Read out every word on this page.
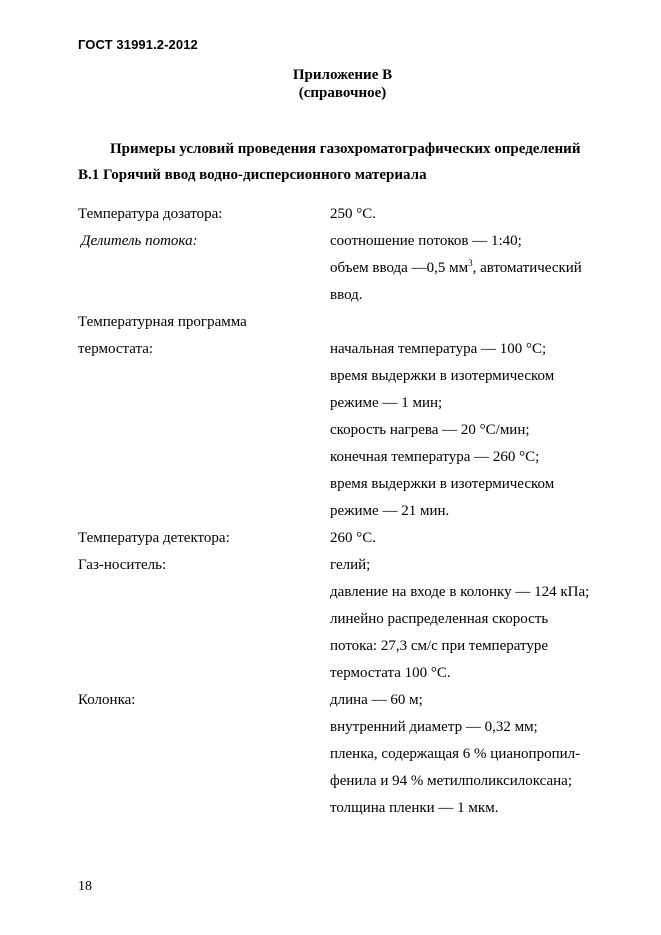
ГОСТ 31991.2-2012
Приложение В
(справочное)
Примеры условий проведения газохроматографических определений
В.1 Горячий ввод водно-дисперсионного материала
Температура дозатора:	250 °С.
Делитель потока:	соотношение потоков — 1:40;
объем ввода —0,5 $мм^3$, автоматический
ввод.
Температурная программа
термостата:	начальная температура — 100 °С;
время выдержки в изотермическом
режиме — 1 мин;
скорость нагрева — 20 °С/мин;
конечная температура — 260 °С;
время выдержки в изотермическом
режиме — 21 мин.
Температура детектора:	260 °С.
Газ-носитель:	гелий;
давление на входе в колонку — 124 кПа;
линейно распределенная скорость
потока: 27,3 см/с при температуре
термостата 100 °С.
Колонка:	длина — 60 м;
внутренний диаметр — 0,32 мм;
пленка, содержащая 6 % цианопропил-
фенила и 94 % метилполиксилоксана;
толщина пленки — 1 мкм.
18
